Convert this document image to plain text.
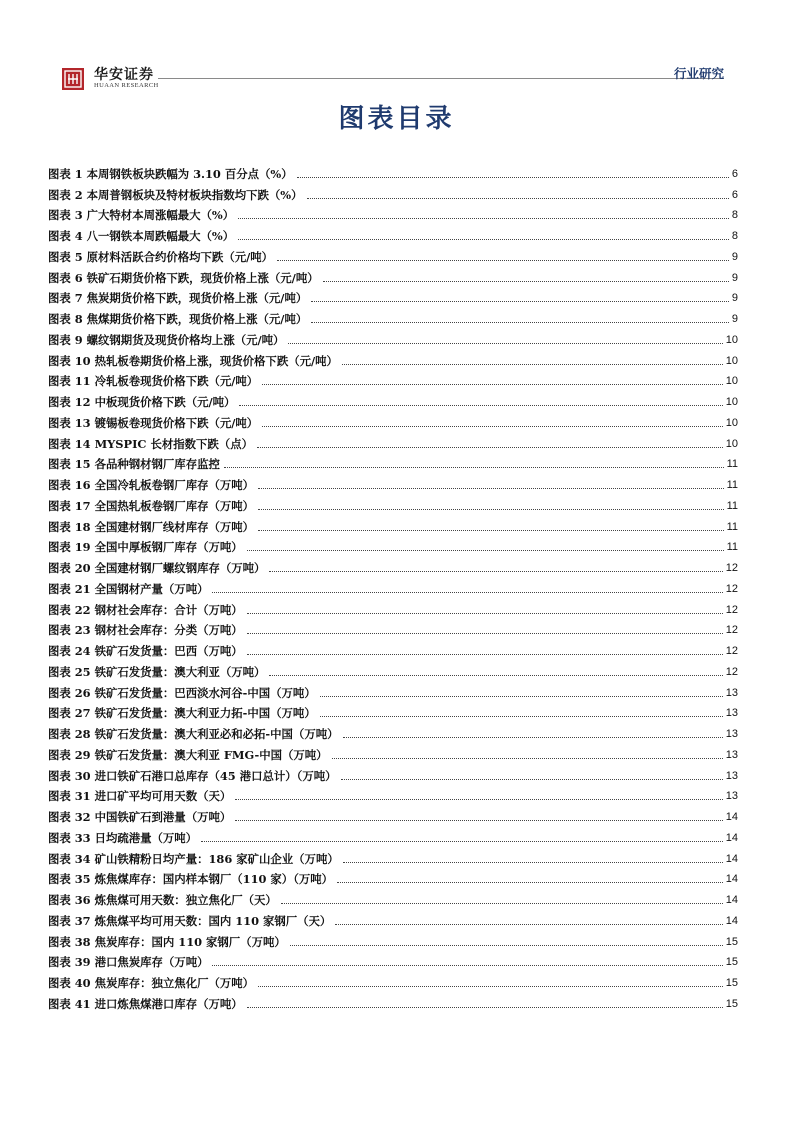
华安证券
HUAAN RESEARCH
行业研究
图表目录
图表 1 本周钢铁板块跌幅为 3.10 百分点（%）	6
图表 2 本周普钢板块及特材板块指数均下跌（%）	6
图表 3 广大特材本周涨幅最大（%）	8
图表 4 八一钢铁本周跌幅最大（%）	8
图表 5 原材料活跃合约价格均下跌（元/吨）	9
图表 6 铁矿石期货价格下跌，现货价格上涨（元/吨）	9
图表 7 焦炭期货价格下跌，现货价格上涨（元/吨）	9
图表 8 焦煤期货价格下跌，现货价格上涨（元/吨）	9
图表 9 螺纹钢期货及现货价格均上涨（元/吨）	10
图表 10 热轧板卷期货价格上涨，现货价格下跌（元/吨）	10
图表 11 冷轧板卷现货价格下跌（元/吨）	10
图表 12 中板现货价格下跌（元/吨）	10
图表 13 镀锡板卷现货价格下跌（元/吨）	10
图表 14 MYSPIC 长材指数下跌（点）	10
图表 15 各品种钢材钢厂库存监控	11
图表 16 全国冷轧板卷钢厂库存（万吨）	11
图表 17 全国热轧板卷钢厂库存（万吨）	11
图表 18 全国建材钢厂线材库存（万吨）	11
图表 19 全国中厚板钢厂库存（万吨）	11
图表 20 全国建材钢厂螺纹钢库存（万吨）	12
图表 21 全国钢材产量（万吨）	12
图表 22 钢材社会库存：合计（万吨）	12
图表 23 钢材社会库存：分类（万吨）	12
图表 24 铁矿石发货量：巴西（万吨）	12
图表 25 铁矿石发货量：澳大利亚（万吨）	12
图表 26 铁矿石发货量：巴西淡水河谷-中国（万吨）	13
图表 27 铁矿石发货量：澳大利亚力拓-中国（万吨）	13
图表 28 铁矿石发货量：澳大利亚必和必拓-中国（万吨）	13
图表 29 铁矿石发货量：澳大利亚 FMG-中国（万吨）	13
图表 30 进口铁矿石港口总库存（45 港口总计）（万吨）	13
图表 31 进口矿平均可用天数（天）	13
图表 32 中国铁矿石到港量（万吨）	14
图表 33 日均疏港量（万吨）	14
图表 34 矿山铁精粉日均产量：186 家矿山企业（万吨）	14
图表 35 炼焦煤库存：国内样本钢厂（110 家）（万吨）	14
图表 36 炼焦煤可用天数：独立焦化厂（天）	14
图表 37 炼焦煤平均可用天数：国内 110 家钢厂（天）	14
图表 38 焦炭库存：国内 110 家钢厂（万吨）	15
图表 39 港口焦炭库存（万吨）	15
图表 40 焦炭库存：独立焦化厂（万吨）	15
图表 41 进口炼焦煤港口库存（万吨）	15
